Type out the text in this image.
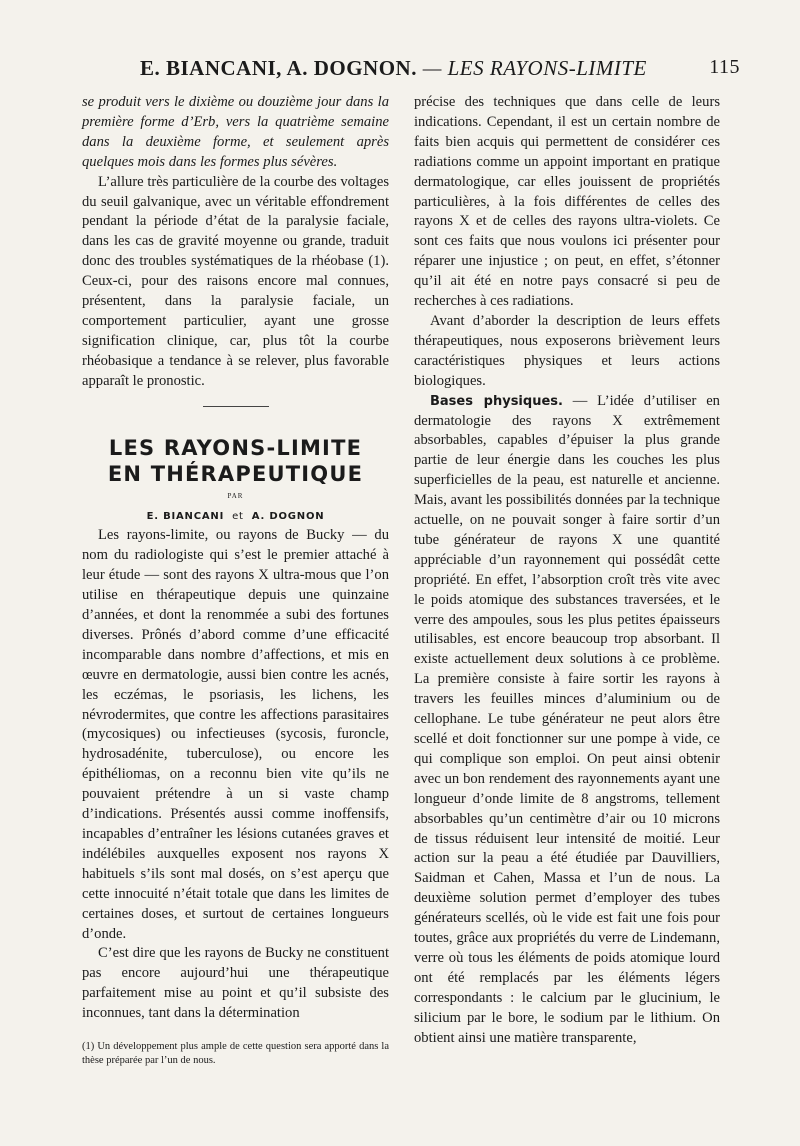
E. BIANCANI, A. DOGNON. — LES RAYONS-LIMITE	115

se produit vers le dixième ou douzième jour dans la première forme d’Erb, vers la quatrième semaine dans la deuxième forme, et seulement après quelques mois dans les formes plus sévères.

L’allure très particulière de la courbe des voltages du seuil galvanique, avec un véritable effondrement pendant la période d’état de la paralysie faciale, dans les cas de gravité moyenne ou grande, traduit donc des troubles systématiques de la rhéobase (1). Ceux-ci, pour des raisons encore mal connues, présentent, dans la paralysie faciale, un comportement particulier, ayant une grosse signification clinique, car, plus tôt la courbe rhéobasique a tendance à se relever, plus favorable apparaît le pronostic.

LES RAYONS-LIMITE

EN THÉRAPEUTIQUE

PAR

E. BIANCANI et A. DOGNON

Les rayons-limite, ou rayons de Bucky — du nom du radiologiste qui s’est le premier attaché à leur étude — sont des rayons X ultra-mous que l’on utilise en thérapeutique depuis une quinzaine d’années, et dont la renommée a subi des fortunes diverses. Prônés d’abord comme d’une efficacité incomparable dans nombre d’affections, et mis en œuvre en dermatologie, aussi bien contre les acnés, les eczémas, le psoriasis, les lichens, les névrodermites, que contre les affections parasitaires (mycosiques) ou infectieuses (sycosis, furoncle, hydrosadénite, tuberculose), ou encore les épithéliomas, on a reconnu bien vite qu’ils ne pouvaient prétendre à un si vaste champ d’indications. Présentés aussi comme inoffensifs, incapables d’entraîner les lésions cutanées graves et indélébiles auxquelles exposent nos rayons X habituels s’ils sont mal dosés, on s’est aperçu que cette innocuité n’était totale que dans les limites de certaines doses, et surtout de certaines longueurs d’onde.

C’est dire que les rayons de Bucky ne constituent pas encore aujourd’hui une thérapeutique parfaitement mise au point et qu’il subsiste des inconnues, tant dans la détermination

(1) Un développement plus ample de cette question sera apporté dans la thèse préparée par l’un de nous.

précise des techniques que dans celle de leurs indications. Cependant, il est un certain nombre de faits bien acquis qui permettent de considérer ces radiations comme un appoint important en pratique dermatologique, car elles jouissent de propriétés particulières, à la fois différentes de celles des rayons X et de celles des rayons ultra-violets. Ce sont ces faits que nous voulons ici présenter pour réparer une injustice ; on peut, en effet, s’étonner qu’il ait été en notre pays consacré si peu de recherches à ces radiations.

Avant d’aborder la description de leurs effets thérapeutiques, nous exposerons brièvement leurs caractéristiques physiques et leurs actions biologiques.

Bases physiques. — L’idée d’utiliser en dermatologie des rayons X extrêmement absorbables, capables d’épuiser la plus grande partie de leur énergie dans les couches les plus superficielles de la peau, est naturelle et ancienne. Mais, avant les possibilités données par la technique actuelle, on ne pouvait songer à faire sortir d’un tube générateur de rayons X une quantité appréciable d’un rayonnement qui possédât cette propriété. En effet, l’absorption croît très vite avec le poids atomique des substances traversées, et le verre des ampoules, sous les plus petites épaisseurs utilisables, est encore beaucoup trop absorbant. Il existe actuellement deux solutions à ce problème. La première consiste à faire sortir les rayons à travers les feuilles minces d’aluminium ou de cellophane. Le tube générateur ne peut alors être scellé et doit fonctionner sur une pompe à vide, ce qui complique son emploi. On peut ainsi obtenir avec un bon rendement des rayonnements ayant une longueur d’onde limite de 8 angstroms, tellement absorbables qu’un centimètre d’air ou 10 microns de tissus réduisent leur intensité de moitié. Leur action sur la peau a été étudiée par Dauvilliers, Saidman et Cahen, Massa et l’un de nous. La deuxième solution permet d’employer des tubes générateurs scellés, où le vide est fait une fois pour toutes, grâce aux propriétés du verre de Lindemann, verre où tous les éléments de poids atomique lourd ont été remplacés par les éléments légers correspondants : le calcium par le glucinium, le silicium par le bore, le sodium par le lithium. On obtient ainsi une matière transparente,
